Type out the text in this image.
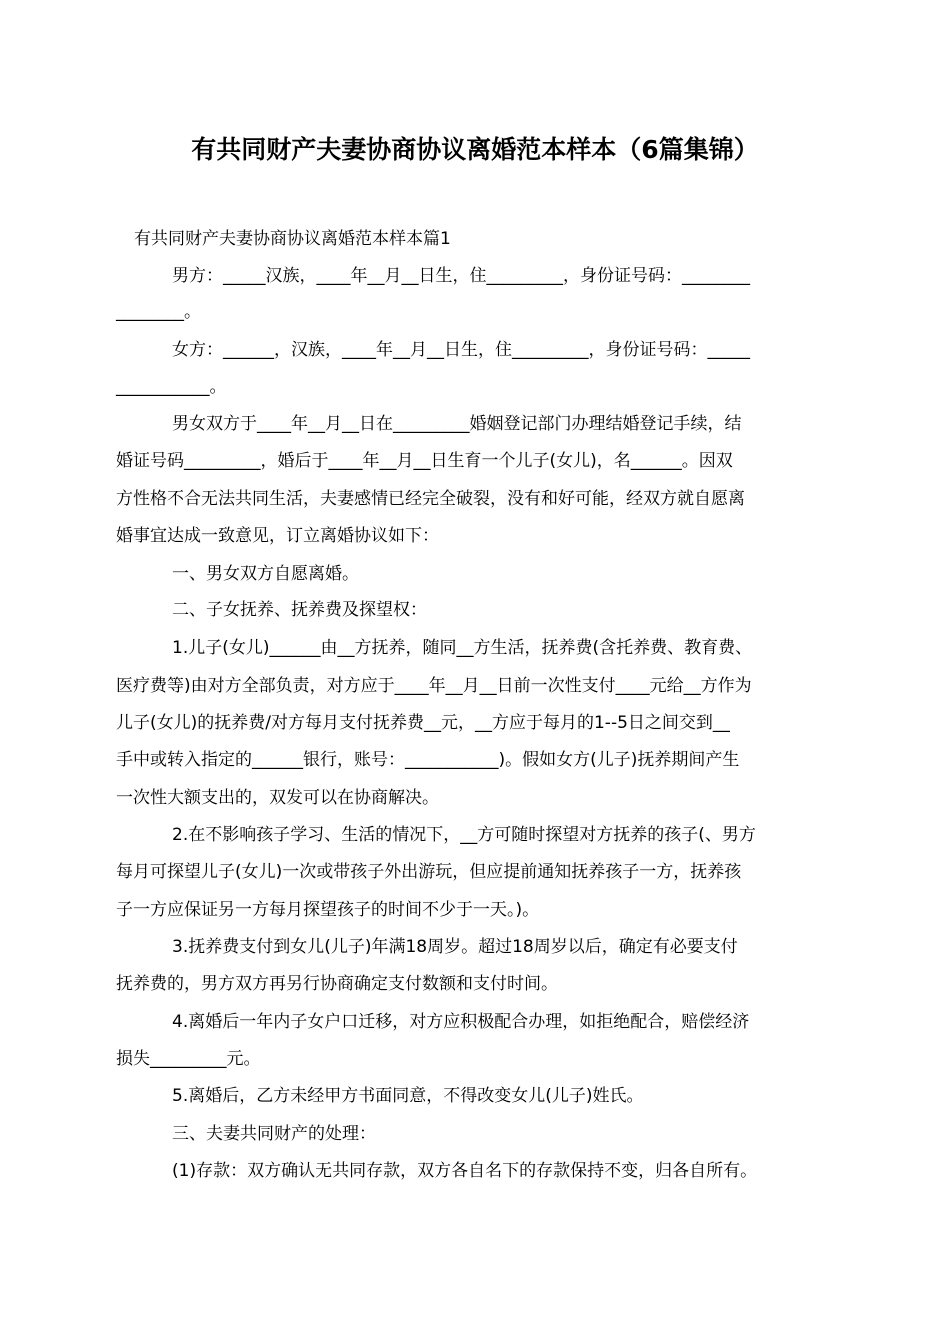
有共同财产夫妻协商协议离婚范本样本（6篇集锦）
有共同财产夫妻协商协议离婚范本样本篇1
男方：_____汉族，____年__月__日生，住_________，身份证号码：________
________。
女方：______，汉族，____年__月__日生，住_________，身份证号码：_____
___________。
男女双方于____年__月__日在_________婚姻登记部门办理结婚登记手续，结
婚证号码_________，婚后于____年__月__日生育一个儿子(女儿)，名______。因双
方性格不合无法共同生活，夫妻感情已经完全破裂，没有和好可能，经双方就自愿离
婚事宜达成一致意见，订立离婚协议如下：
一、男女双方自愿离婚。
二、子女抚养、抚养费及探望权：
1.儿子(女儿)______由__方抚养，随同__方生活，抚养费(含托养费、教育费、
医疗费等)由对方全部负责，对方应于____年__月__日前一次性支付____元给__方作为
儿子(女儿)的抚养费/对方每月支付抚养费__元，__方应于每月的1--5日之间交到__
手中或转入指定的______银行，账号：___________)。假如女方(儿子)抚养期间产生
一次性大额支出的，双发可以在协商解决。
2.在不影响孩子学习、生活的情况下，__方可随时探望对方抚养的孩子(、男方
每月可探望儿子(女儿)一次或带孩子外出游玩，但应提前通知抚养孩子一方，抚养孩
子一方应保证另一方每月探望孩子的时间不少于一天。)。
3.抚养费支付到女儿(儿子)年满18周岁。超过18周岁以后，确定有必要支付
抚养费的，男方双方再另行协商确定支付数额和支付时间。
4.离婚后一年内子女户口迁移，对方应积极配合办理，如拒绝配合，赔偿经济
损失_________元。
5.离婚后，乙方未经甲方书面同意，不得改变女儿(儿子)姓氏。
三、夫妻共同财产的处理：
(1)存款：双方确认无共同存款，双方各自名下的存款保持不变，归各自所有。
